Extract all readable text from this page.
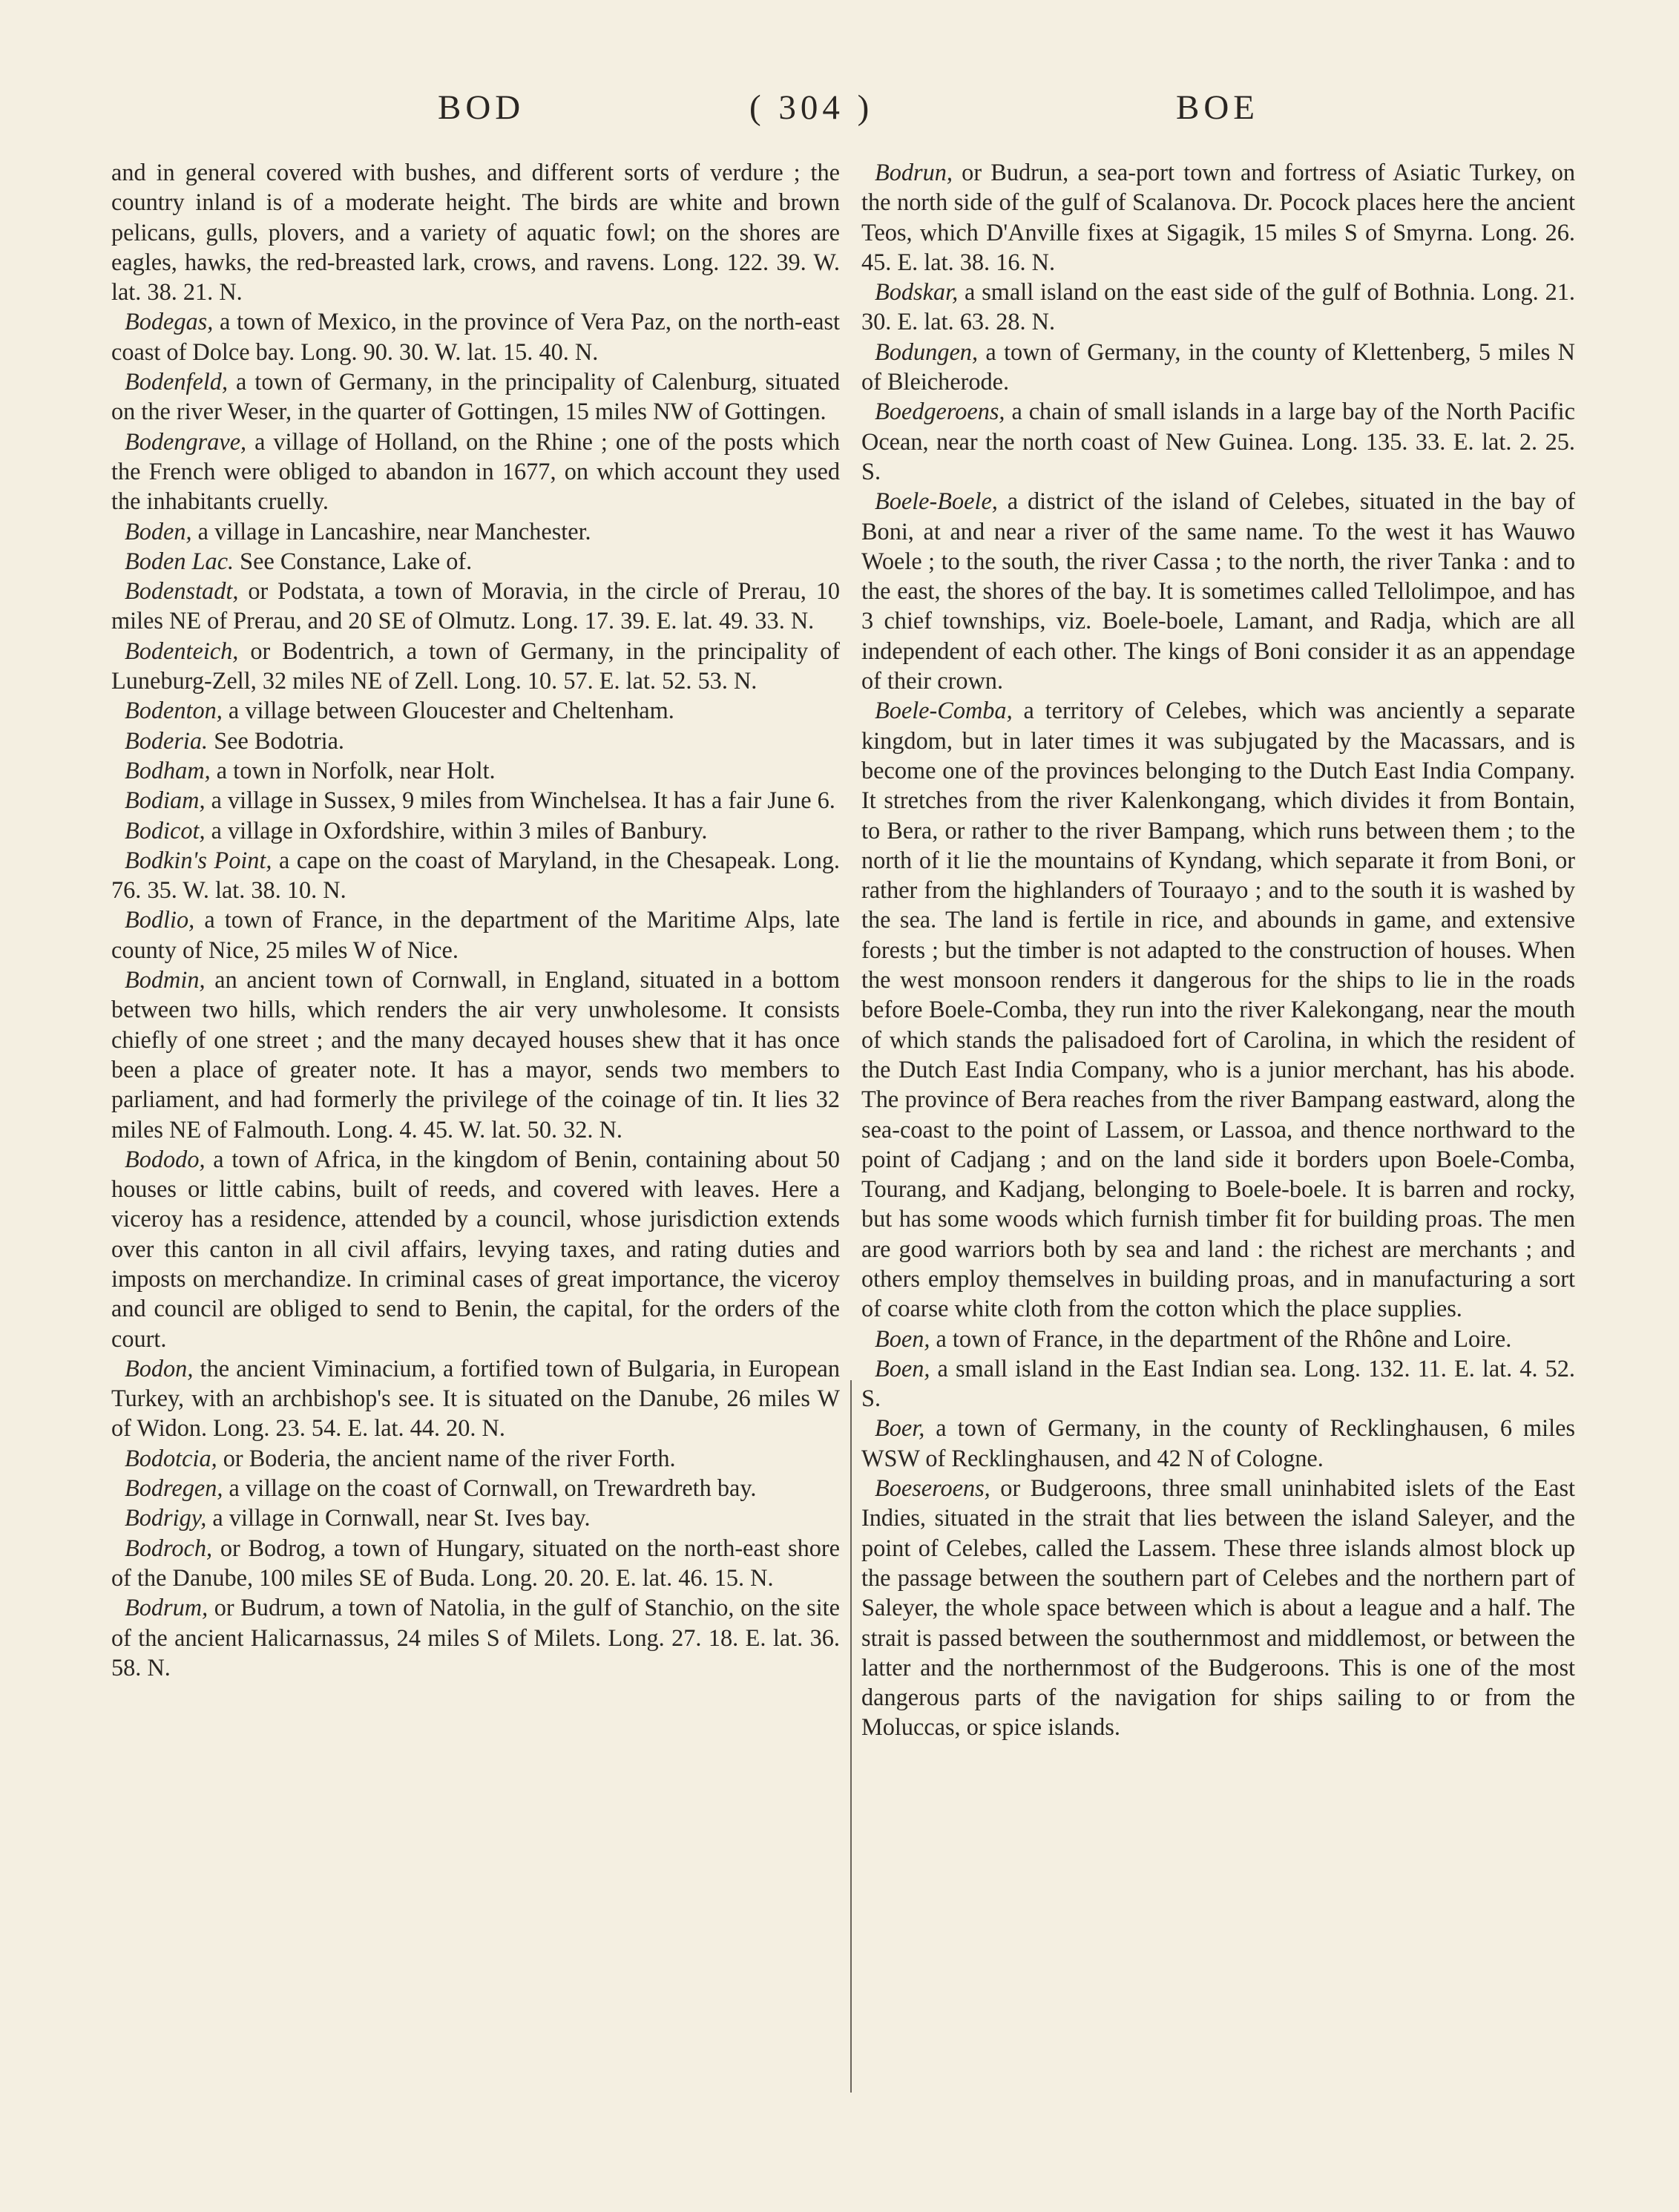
BOD	( 304 )	BOE

and in general covered with bushes, and different sorts of verdure ; the country inland is of a moderate height. The birds are white and brown pelicans, gulls, plovers, and a variety of aquatic fowl; on the shores are eagles, hawks, the red-breasted lark, crows, and ravens. Long. 122. 39. W. lat. 38. 21. N.

Bodegas, a town of Mexico, in the province of Vera Paz, on the north-east coast of Dolce bay. Long. 90. 30. W. lat. 15. 40. N.

Bodenfeld, a town of Germany, in the principality of Calenburg, situated on the river Weser, in the quarter of Gottingen, 15 miles NW of Gottingen.

Bodengrave, a village of Holland, on the Rhine ; one of the posts which the French were obliged to abandon in 1677, on which account they used the inhabitants cruelly.

Boden, a village in Lancashire, near Manchester.

Boden Lac. See Constance, Lake of.

Bodenstadt, or Podstata, a town of Moravia, in the circle of Prerau, 10 miles NE of Prerau, and 20 SE of Olmutz. Long. 17. 39. E. lat. 49. 33. N.

Bodenteich, or Bodentrich, a town of Germany, in the principality of Luneburg-Zell, 32 miles NE of Zell. Long. 10. 57. E. lat. 52. 53. N.

Bodenton, a village between Gloucester and Cheltenham.

Boderia. See Bodotria.

Bodham, a town in Norfolk, near Holt.

Bodiam, a village in Sussex, 9 miles from Winchelsea. It has a fair June 6.

Bodicot, a village in Oxfordshire, within 3 miles of Banbury.

Bodkin's Point, a cape on the coast of Maryland, in the Chesapeak. Long. 76. 35. W. lat. 38. 10. N.

Bodlio, a town of France, in the department of the Maritime Alps, late county of Nice, 25 miles W of Nice.

Bodmin, an ancient town of Cornwall, in England, situated in a bottom between two hills, which renders the air very unwholesome. It consists chiefly of one street ; and the many decayed houses shew that it has once been a place of greater note. It has a mayor, sends two members to parliament, and had formerly the privilege of the coinage of tin. It lies 32 miles NE of Falmouth. Long. 4. 45. W. lat. 50. 32. N.

Bododo, a town of Africa, in the kingdom of Benin, containing about 50 houses or little cabins, built of reeds, and covered with leaves. Here a viceroy has a residence, attended by a council, whose jurisdiction extends over this canton in all civil affairs, levying taxes, and rating duties and imposts on merchandize. In criminal cases of great importance, the viceroy and council are obliged to send to Benin, the capital, for the orders of the court.

Bodon, the ancient Viminacium, a fortified town of Bulgaria, in European Turkey, with an archbishop's see. It is situated on the Danube, 26 miles W of Widon. Long. 23. 54. E. lat. 44. 20. N.

Bodotcia, or Boderia, the ancient name of the river Forth.

Bodregen, a village on the coast of Cornwall, on Trewardreth bay.

Bodrigy, a village in Cornwall, near St. Ives bay.

Bodroch, or Bodrog, a town of Hungary, situated on the north-east shore of the Danube, 100 miles SE of Buda. Long. 20. 20. E. lat. 46. 15. N.

Bodrum, or Budrum, a town of Natolia, in the gulf of Stanchio, on the site of the ancient Halicarnassus, 24 miles S of Milets. Long. 27. 18. E. lat. 36. 58. N.

Bodrun, or Budrun, a sea-port town and fortress of Asiatic Turkey, on the north side of the gulf of Scalanova. Dr. Pocock places here the ancient Teos, which D'Anville fixes at Sigagik, 15 miles S of Smyrna. Long. 26. 45. E. lat. 38. 16. N.

Bodskar, a small island on the east side of the gulf of Bothnia. Long. 21. 30. E. lat. 63. 28. N.

Bodungen, a town of Germany, in the county of Klettenberg, 5 miles N of Bleicherode.

Boedgeroens, a chain of small islands in a large bay of the North Pacific Ocean, near the north coast of New Guinea. Long. 135. 33. E. lat. 2. 25. S.

Boele-Boele, a district of the island of Celebes, situated in the bay of Boni, at and near a river of the same name. To the west it has Wauwo Woele ; to the south, the river Cassa ; to the north, the river Tanka : and to the east, the shores of the bay. It is sometimes called Tellolimpoe, and has 3 chief townships, viz. Boele-boele, Lamant, and Radja, which are all independent of each other. The kings of Boni consider it as an appendage of their crown.

Boele-Comba, a territory of Celebes, which was anciently a separate kingdom, but in later times it was subjugated by the Macassars, and is become one of the provinces belonging to the Dutch East India Company. It stretches from the river Kalenkongang, which divides it from Bontain, to Bera, or rather to the river Bampang, which runs between them ; to the north of it lie the mountains of Kyndang, which separate it from Boni, or rather from the highlanders of Touraayo ; and to the south it is washed by the sea. The land is fertile in rice, and abounds in game, and extensive forests ; but the timber is not adapted to the construction of houses. When the west monsoon renders it dangerous for the ships to lie in the roads before Boele-Comba, they run into the river Kalekongang, near the mouth of which stands the palisadoed fort of Carolina, in which the resident of the Dutch East India Company, who is a junior merchant, has his abode. The province of Bera reaches from the river Bampang eastward, along the sea-coast to the point of Lassem, or Lassoa, and thence northward to the point of Cadjang ; and on the land side it borders upon Boele-Comba, Tourang, and Kadjang, belonging to Boele-boele. It is barren and rocky, but has some woods which furnish timber fit for building proas. The men are good warriors both by sea and land : the richest are merchants ; and others employ themselves in building proas, and in manufacturing a sort of coarse white cloth from the cotton which the place supplies.

Boen, a town of France, in the department of the Rhône and Loire.

Boen, a small island in the East Indian sea. Long. 132. 11. E. lat. 4. 52. S.

Boer, a town of Germany, in the county of Recklinghausen, 6 miles WSW of Recklinghausen, and 42 N of Cologne.

Boeseroens, or Budgeroons, three small uninhabited islets of the East Indies, situated in the strait that lies between the island Saleyer, and the point of Celebes, called the Lassem. These three islands almost block up the passage between the southern part of Celebes and the northern part of Saleyer, the whole space between which is about a league and a half. The strait is passed between the southernmost and middlemost, or between the latter and the northernmost of the Budgeroons. This is one of the most dangerous parts of the navigation for ships sailing to or from the Moluccas, or spice islands.
